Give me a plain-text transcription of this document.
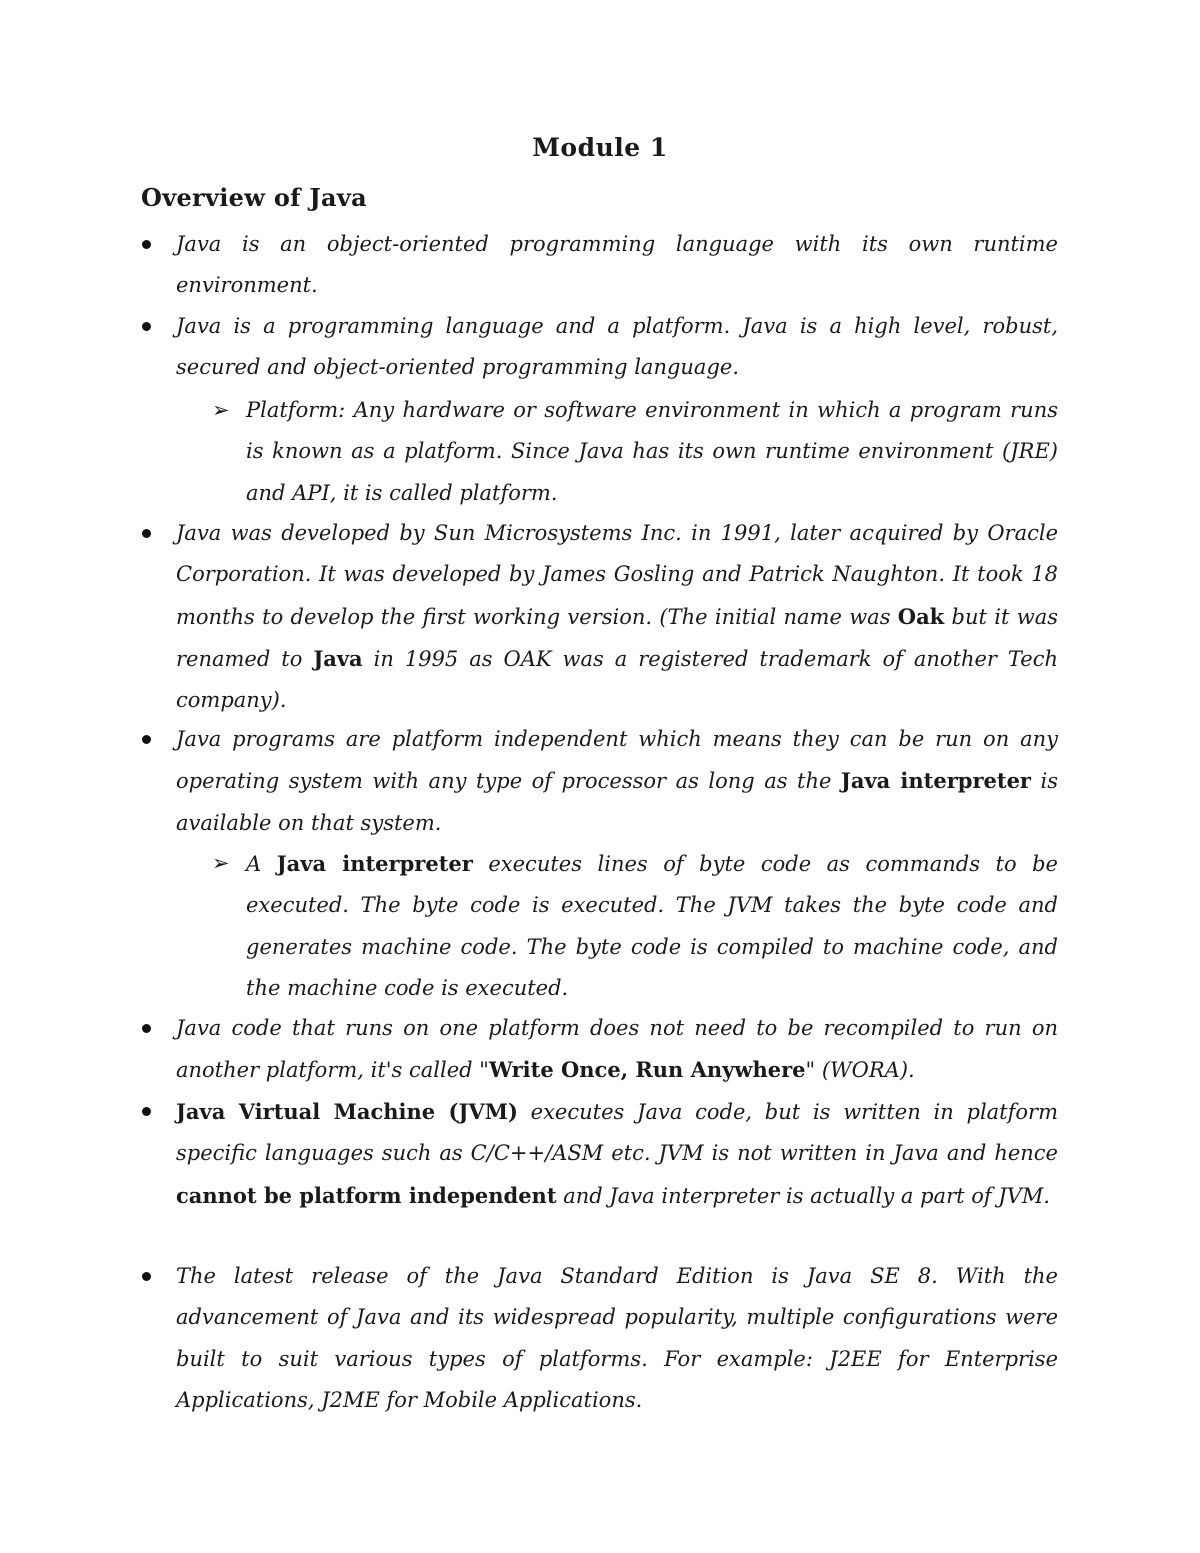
Module 1
Overview of Java

Java is an object-oriented programming language with its own runtime environment.

Java is a programming language and a platform. Java is a high level, robust, secured and object-oriented programming language.

➢ Platform: Any hardware or software environment in which a program runs is known as a platform. Since Java has its own runtime environment (JRE) and API, it is called platform.

Java was developed by Sun Microsystems Inc. in 1991, later acquired by Oracle Corporation. It was developed by James Gosling and Patrick Naughton. It took 18 months to develop the first working version. (The initial name was Oak but it was renamed to Java in 1995 as OAK was a registered trademark of another Tech company).

Java programs are platform independent which means they can be run on any operating system with any type of processor as long as the Java interpreter is available on that system.

➢ A Java interpreter executes lines of byte code as commands to be executed. The byte code is executed. The JVM takes the byte code and generates machine code. The byte code is compiled to machine code, and the machine code is executed.

Java code that runs on one platform does not need to be recompiled to run on another platform, it's called "Write Once, Run Anywhere" (WORA).

Java Virtual Machine (JVM) executes Java code, but is written in platform specific languages such as C/C++/ASM etc. JVM is not written in Java and hence cannot be platform independent and Java interpreter is actually a part of JVM.

The latest release of the Java Standard Edition is Java SE 8. With the advancement of Java and its widespread popularity, multiple configurations were built to suit various types of platforms. For example: J2EE for Enterprise Applications, J2ME for Mobile Applications.
